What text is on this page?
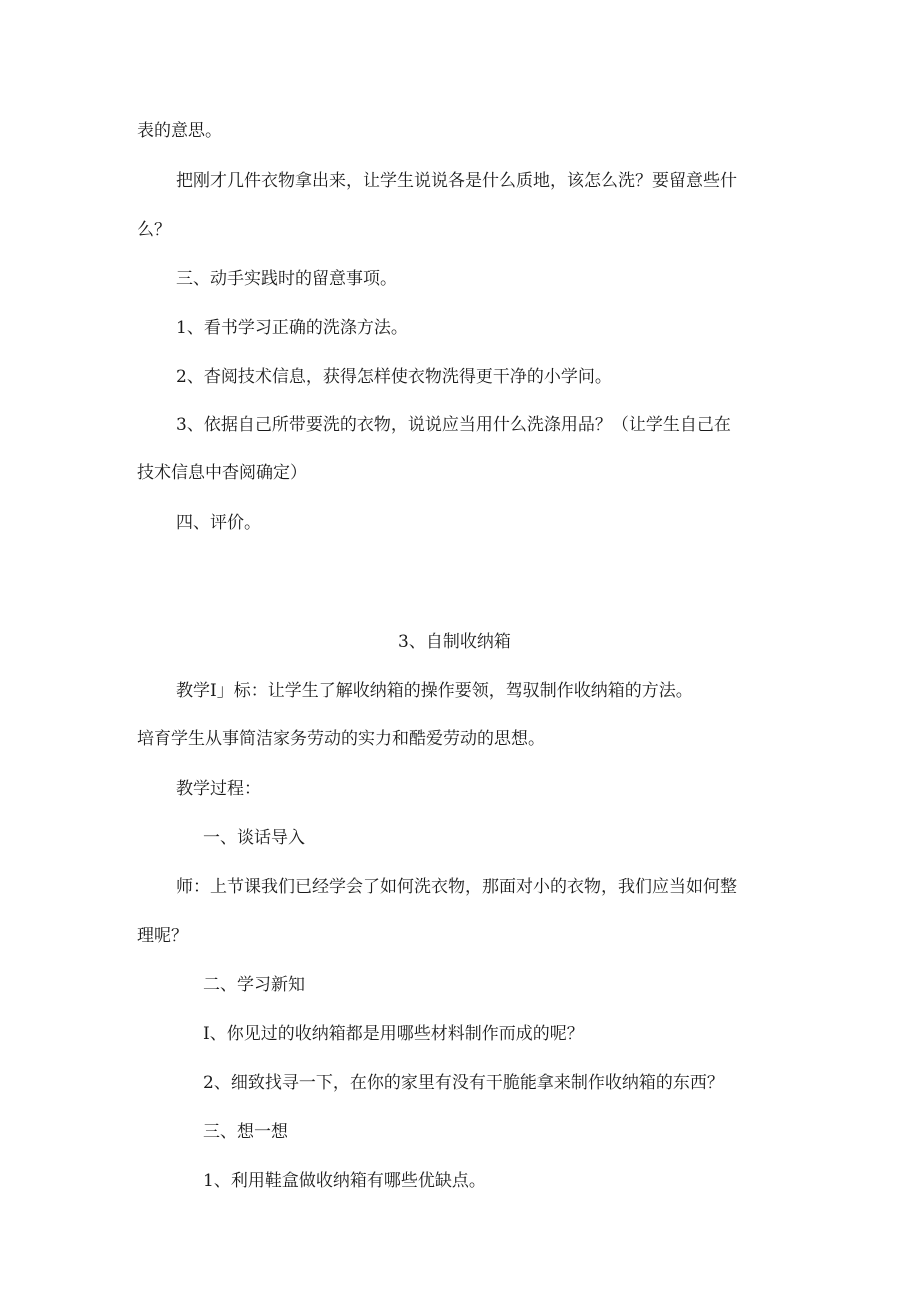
表的意思。
把刚才几件衣物拿出来，让学生说说各是什么质地，该怎么洗？要留意些什
么？
三、动手实践时的留意事项。
1、看书学习正确的洗涤方法。
2、杳阅技术信息，获得怎样使衣物洗得更干净的小学问。
3、依据自己所带要洗的衣物，说说应当用什么洗涤用品？（让学生自己在
技术信息中杳阅确定）
四、评价。
3、自制收纳箱
教学I」标：让学生了解收纳箱的操作要领，驾驭制作收纳箱的方法。
培育学生从事简洁家务劳动的实力和酷爱劳动的思想。
教学过程：
一、谈话导入
师：上节课我们已经学会了如何洗衣物，那面对小的衣物，我们应当如何整
理呢？
二、学习新知
I、你见过的收纳箱都是用哪些材料制作而成的呢？
2、细致找寻一下，在你的家里有没有干脆能拿来制作收纳箱的东西？
三、想一想
1、利用鞋盒做收纳箱有哪些优缺点。
